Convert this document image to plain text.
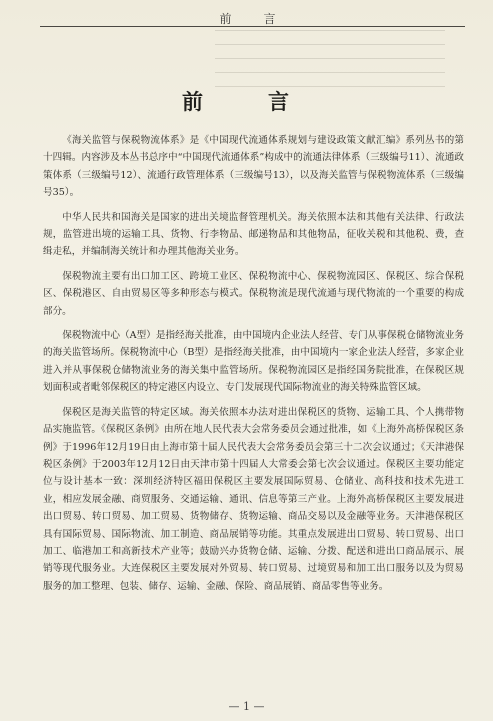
前　言
前　言

《海关监管与保税物流体系》是《中国现代流通体系规划与建设政策文献汇编》系列丛书的第十四辑。内容涉及本丛书总序中“中国现代流通体系”构成中的流通法律体系（三级编号11）、流通政策体系（三级编号12）、流通行政管理体系（三级编号13），以及海关监管与保税物流体系（三级编号35）。

中华人民共和国海关是国家的进出关境监督管理机关。海关依照本法和其他有关法律、行政法规，监管进出境的运输工具、货物、行李物品、邮递物品和其他物品，征收关税和其他税、费，查缉走私，并编制海关统计和办理其他海关业务。

保税物流主要有出口加工区、跨境工业区、保税物流中心、保税物流园区、保税区、综合保税区、保税港区、自由贸易区等多种形态与模式。保税物流是现代流通与现代物流的一个重要的构成部分。

保税物流中心（A型）是指经海关批准，由中国境内企业法人经营、专门从事保税仓储物流业务的海关监管场所。保税物流中心（B型）是指经海关批准，由中国境内一家企业法人经营，多家企业进入并从事保税仓储物流业务的海关集中监管场所。保税物流园区是指经国务院批准，在保税区规划面积或者毗邻保税区的特定港区内设立、专门发展现代国际物流业的海关特殊监管区域。

保税区是海关监管的特定区域。海关依照本办法对进出保税区的货物、运输工具、个人携带物品实施监管。《保税区条例》由所在地人民代表大会常务委员会通过批准，如《上海外高桥保税区条例》于1996年12月19日由上海市第十届人民代表大会常务委员会第三十二次会议通过；《天津港保税区条例》于2003年12月12日由天津市第十四届人大常委会第七次会议通过。保税区主要功能定位与设计基本一致：深圳经济特区福田保税区主要发展国际贸易、仓储业、高科技和技术先进工业，相应发展金融、商贸服务、交通运输、通讯、信息等第三产业。上海外高桥保税区主要发展进出口贸易、转口贸易、加工贸易、货物储存、货物运输、商品交易以及金融等业务。天津港保税区具有国际贸易、国际物流、加工制造、商品展销等功能。其重点发展进出口贸易、转口贸易、出口加工、临港加工和高新技术产业等；鼓励兴办货物仓储、运输、分拨、配送和进出口商品展示、展销等现代服务业。大连保税区主要发展对外贸易、转口贸易、过境贸易和加工出口服务以及为贸易服务的加工整理、包装、储存、运输、金融、保险、商品展销、商品零售等业务。

— 1 —
